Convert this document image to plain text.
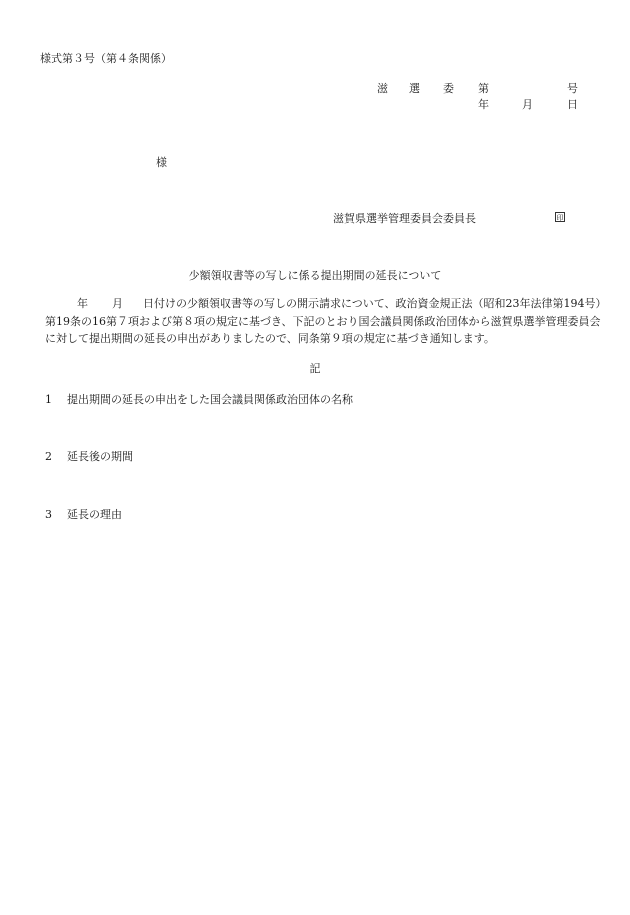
様式第３号（第４条関係）
滋 選 委 第	号
年	月	日
様
滋賀県選挙管理委員会委員長	印
少額領収書等の写しに係る提出期間の延長について
年 月 日付けの少額領収書等の写しの開示請求について、政治資金規正法（昭和23年法律第194号）
第19条の16第７項および第８項の規定に基づき、下記のとおり国会議員関係政治団体から滋賀県選挙管理委員会
に対して提出期間の延長の申出がありましたので、同条第９項の規定に基づき通知します。
記
1 提出期間の延長の申出をした国会議員関係政治団体の名称
2 延長後の期間
3 延長の理由
